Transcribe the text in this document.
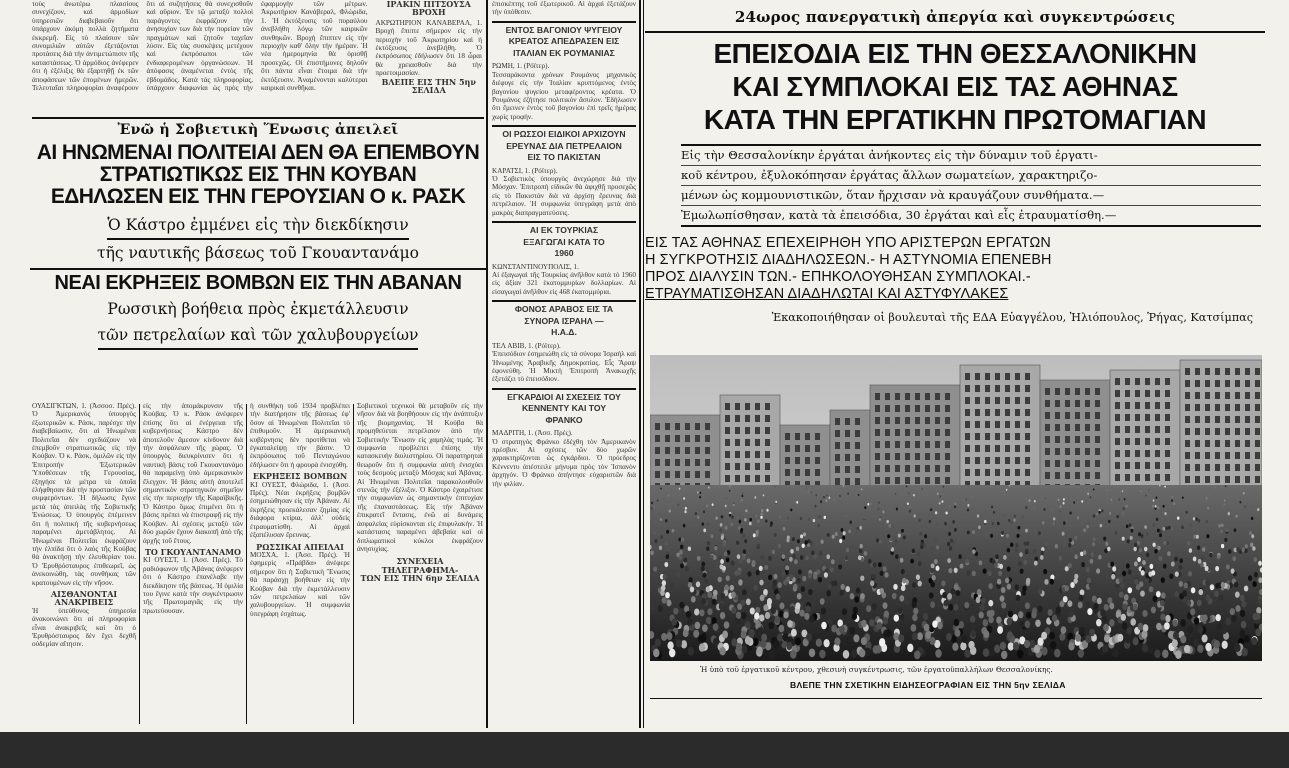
τοὺς ἀνωτέρω πλαισίους συνεχίζουν, καὶ ἀρμοδίων ὑπηρεσιῶν διαβεβαιοῦν ὅτι ὑπάρχουν ἀκόμη πολλὰ ζητήματα ἐκκρεμῆ. Εἰς τὸ πλαίσιον τῶν συνομιλιῶν αὐτῶν ἐξετάζονται προτάσεις διὰ τὴν ἀντιμετώπισιν τῆς καταστάσεως. Ὁ ἀρμόδιος ἀνέφερεν ὅτι ἡ ἐξέλιξις θὰ ἐξαρτηθῇ ἐκ τῶν ἀποφάσεων τῶν ἐπομένων ἡμερῶν. Τελευταῖαι πληροφορίαι ἀναφέρουν ὅτι αἱ συζητήσεις θὰ συνεχισθοῦν καὶ αὔριον. Ἐν τῷ μεταξὺ πολλοὶ παράγοντες ἐκφράζουν τὴν ἀνησυχίαν των διὰ τὴν πορείαν τῶν πραγμάτων καὶ ζητοῦν ταχεῖαν λύσιν. Εἰς τὰς συσκέψεις μετέχουν καὶ ἐκπρόσωποι τῶν ἐνδιαφερομένων ὀργανώσεων. Ἡ ἀπόφασις ἀναμένεται ἐντὸς τῆς ἑβδομάδος. Κατὰ τὰς πληροφορίας, ὑπάρχουν διαφωνίαι ὡς πρὸς τὴν ἐφαρμογὴν τῶν μέτρων. Ἀκρωτήριον Κανάβεραλ, Φλώριδα, 1. Ἡ ἐκτόξευσις τοῦ πυραύλου ἀνεβλήθη λόγῳ τῶν καιρικῶν συνθηκῶν. Βροχὴ ἔπιπτεν εἰς τὴν περιοχὴν καθ' ὅλην τὴν ἡμέραν. Ἡ νέα ἡμερομηνία θὰ ὁρισθῇ προσεχῶς. Οἱ ἐπιστήμονες δηλοῦν ὅτι πάντα εἶναι ἕτοιμα διὰ τὴν ἐκτόξευσιν. Ἀναμένονται καλύτεραι καιρικαὶ συνθῆκαι.
ΙΡΑΚΙΝ ΠΙΤΣΟΥΣΑ ΒΡΟΧΗ
ΑΚΡΩΤΗΡΙΟΝ ΚΑΝΑΒΕΡΑΛ, 1. Βροχὴ ἔπιπτε σήμερον εἰς τὴν περιοχὴν τοῦ Ἀκρωτηρίου καὶ ἡ ἐκτόξευσις ἀνεβλήθη. Ὁ ἐκπρόσωπος ἐδήλωσεν ὅτι 18 ὧραι θὰ χρειασθοῦν διὰ τὴν προετοιμασίαν.
ΒΛΕΠΕ ΕΙΣ ΤΗΝ 5ην ΣΕΛΙΔΑ
Ἐνῶ ἡ Σοβιετικὴ Ἕνωσις ἀπειλεῖ
ΑΙ ΗΝΩΜΕΝΑΙ ΠΟΛΙΤΕΙΑΙ ΔΕΝ ΘΑ ΕΠΕΜΒΟΥΝ
ΣΤΡΑΤΙΩΤΙΚΩΣ ΕΙΣ ΤΗΝ ΚΟΥΒΑΝ
ΕΔΗΛΩΣΕΝ ΕΙΣ ΤΗΝ ΓΕΡΟΥΣΙΑΝ Ο κ. ΡΑΣΚ
Ὁ Κάστρο ἐμμένει εἰς τὴν διεκδίκησιν
τῆς ναυτικῆς βάσεως τοῦ Γκουαντανάμο
ΝΕΑΙ ΕΚΡΗΞΕΙΣ ΒΟΜΒΩΝ ΕΙΣ ΤΗΝ ΑΒΑΝΑΝ
Ρωσσικὴ βοήθεια πρὸς ἐκμετάλλευσιν
τῶν πετρελαίων καὶ τῶν χαλυβουργείων
ΟΥΑΣΙΓΚΤΩΝ, 1. (Ἀσσοσ. Πρές). Ὁ Ἀμερικανὸς ὑπουργὸς ἐξωτερικῶν κ. Ράσκ, παρέσχε τὴν διαβεβαίωσιν, ὅτι αἱ Ἡνωμέναι Πολιτεῖαι δὲν σχεδιάζουν νὰ ἐπεμβοῦν στρατιωτικῶς εἰς τὴν Κούβαν. Ὁ κ. Ράσκ, ὁμιλῶν εἰς τὴν Ἐπιτροπὴν Ἐξωτερικῶν Ὑποθέσεων τῆς Γερουσίας, ἐξηγήσε τὰ μέτρα τὰ ὁποῖα ἐλήφθησαν διὰ τὴν προστασίαν τῶν συμφερόντων. Ἡ δήλωσις ἔγινε μετὰ τὰς ἀπειλὰς τῆς Σοβιετικῆς Ἑνώσεως. Ὁ ὑπουργὸς ἐπέμεινεν ὅτι ἡ πολιτικὴ τῆς κυβερνήσεως παραμένει ἀμετάβλητος. Αἱ Ἡνωμέναι Πολιτεῖαι ἐκφράζουν τὴν ἐλπίδα ὅτι ὁ λαὸς τῆς Κούβας θὰ ἀνακτήσῃ τὴν ἐλευθερίαν του. Ὁ Ἐρυθρόσταυρος ἐπιθεωρεῖ, ὡς ἀνεκοινώθη, τὰς συνθήκας τῶν κρατουμένων εἰς τὴν νῆσον.
ΑΙΣΘΑΝΟΝΤΑΙ ΑΝΑΚΡΙΒΕΙΣ
Ἡ ὑπεύθυνος ὑπηρεσία ἀνακοινώνει ὅτι αἱ πληροφορίαι εἶναι ἀνακριβεῖς καὶ ὅτι ὁ Ἐρυθρόσταυρος δὲν ἔχει δεχθῆ οὐδεμίαν αἴτησιν.
εἰς τὴν ἀπομάκρυνσιν τῆς Κούβας. Ὁ κ. Ράσκ ἀνέφερεν ἐπίσης ὅτι αἱ ἐνέργειαι τῆς κυβερνήσεως Κάστρο δὲν ἀποτελοῦν ἄμεσον κίνδυνον διὰ τὴν ἀσφάλειαν τῆς χώρας. Ὁ ὑπουργὸς διευκρίνισεν ὅτι ἡ ναυτικὴ βάσις τοῦ Γκουαντανάμο θὰ παραμείνῃ ὑπὸ ἀμερικανικὸν ἔλεγχον. Ἡ βάσις αὐτὴ ἀποτελεῖ σημαντικὸν στρατηγικὸν σημεῖον εἰς τὴν περιοχὴν τῆς Καραϊβικῆς. Ὁ Κάστρο ὅμως ἐπιμένει ὅτι ἡ βάσις πρέπει νὰ ἐπιστραφῇ εἰς τὴν Κούβαν. Αἱ σχέσεις μεταξὺ τῶν δύο χωρῶν ἔχουν διακοπῆ ἀπὸ τῆς ἀρχῆς τοῦ ἔτους.
ΤΟ ΓΚΟΥΑΝΤΑΝΑΜΟ
ΚΙ ΟΥΕΣΤ, 1. (Ἀσσ. Πρές). Τὸ ραδιόφωνον τῆς Ἀβάνας ἀνέφερεν ὅτι ὁ Κάστρο ἐπανέλαβε τὴν διεκδίκησιν τῆς βάσεως. Ἡ ὁμιλία του ἔγινε κατὰ τὴν συγκέντρωσιν τῆς Πρωτομαγιᾶς εἰς τὴν πρωτεύουσαν.
ἡ συνθήκη τοῦ 1934 προβλέπει τὴν διατήρησιν τῆς βάσεως ἐφ' ὅσον αἱ Ἡνωμέναι Πολιτεῖαι τὸ ἐπιθυμοῦν. Ἡ ἀμερικανικὴ κυβέρνησις δὲν προτίθεται νὰ ἐγκαταλείψῃ τὴν βάσιν. Ὁ ἐκπρόσωπος τοῦ Πενταγώνου ἐδήλωσεν ὅτι ἡ φρουρὰ ἐνισχύθη.
ΕΚΡΗΞΕΙΣ ΒΟΜΒΩΝ
ΚΙ ΟΥΕΣΤ, Φλώριδα, 1. (Ἀσσ. Πρές). Νέαι ἐκρήξεις βομβῶν ἐσημειώθησαν εἰς τὴν Ἀβάναν. Αἱ ἐκρήξεις προεκάλεσαν ζημίας εἰς διάφορα κτίρια, ἀλλ' οὐδεὶς ἐτραυματίσθη. Αἱ ἀρχαὶ ἐξαπέλυσαν ἔρευνας.
ΡΩΣΣΙΚΑΙ ΑΠΕΙΛΑΙ
ΜΟΣΧΑ, 1. (Ἀσσ. Πρές). Ἡ ἐφημερὶς «Πράβδα» ἀνέφερε σήμερον ὅτι ἡ Σοβιετικὴ Ἕνωσις θὰ παράσχῃ βοήθειαν εἰς τὴν Κούβαν διὰ τὴν ἐκμετάλλευσιν τῶν πετρελαίων καὶ τῶν χαλυβουργείων. Ἡ συμφωνία ὑπεγράφη ἐσχάτως.
Σοβιετικοὶ τεχνικοὶ θὰ μεταβοῦν εἰς τὴν νῆσον διὰ νὰ βοηθήσουν εἰς τὴν ἀνάπτυξιν τῆς βιομηχανίας. Ἡ Κούβα θὰ προμηθεύεται πετρέλαιον ἀπὸ τὴν Σοβιετικὴν Ἕνωσιν εἰς χαμηλὰς τιμάς. Ἡ συμφωνία προβλέπει ἐπίσης τὴν κατασκευὴν διυλιστηρίου. Οἱ παρατηρηταὶ θεωροῦν ὅτι ἡ συμφωνία αὐτὴ ἐνισχύει τοὺς δεσμοὺς μεταξὺ Μόσχας καὶ Ἀβάνας. Αἱ Ἡνωμέναι Πολιτεῖαι παρακολουθοῦν στενῶς τὴν ἐξέλιξιν. Ὁ Κάστρο ἐχαιρέτισε τὴν συμφωνίαν ὡς σημαντικὴν ἐπιτυχίαν τῆς ἐπαναστάσεως. Εἰς τὴν Ἀβάναν ἐπικρατεῖ ἔντασις, ἐνῶ αἱ δυνάμεις ἀσφαλείας εὑρίσκονται εἰς ἐπιφυλακήν. Ἡ κατάστασις παραμένει ἀβεβαία καὶ οἱ διπλωματικοὶ κύκλοι ἐκφράζουν ἀνησυχίας.
ΣΥΝΕΧΕΙΑ ΤΗΛΕΓΡΑΦΗΜΑ-
ΤΩΝ ΕΙΣ ΤΗΝ 6ην ΣΕΛΙΔΑ
ἐπισκέπτης τοῦ ἐξωτερικοῦ. Αἱ ἀρχαὶ ἐξετάζουν τὴν ὑπόθεσιν.
ΕΝΤΟΣ ΒΑΓΟΝΙΟΥ ΨΥΓΕΙΟΥ ΚΡΕΑΤΟΣ ΑΠΕΔΡΑΣΕΝ ΕΙΣ ΙΤΑΛΙΑΝ ΕΚ ΡΟΥΜΑΝΙΑΣ
ΡΩΜΗ, 1. (Ρόϊτερ).
Τεσσαράκοντα χρόνων Ρουμάνος μηχανικὸς διέφυγε εἰς τὴν Ἰταλίαν κρυπτόμενος ἐντὸς βαγονίου ψυγείου μεταφέροντος κρέατα. Ὁ Ρουμάνος ἐζήτησε πολιτικὸν ἄσυλον. Ἐδήλωσεν ὅτι ἔμεινεν ἐντὸς τοῦ βαγονίου ἐπὶ τρεῖς ἡμέρας χωρὶς τροφήν.
ΟΙ ΡΩΣΣΟΙ ΕΙΔΙΚΟΙ ΑΡΧΙΖΟΥΝ ΕΡΕΥΝΑΣ ΔΙΑ ΠΕΤΡΕΛΑΙΟΝ ΕΙΣ ΤΟ ΠΑΚΙΣΤΑΝ
ΚΑΡΑΤΣΙ, 1. (Ρόϊτερ).
Ὁ Σοβιετικὸς ὑπουργὸς ἀνεχώρησε διὰ τὴν Μόσχαν. Ἐπιτροπὴ εἰδικῶν θὰ ἀφιχθῇ προσεχῶς εἰς τὸ Πακιστὰν διὰ νὰ ἀρχίσῃ ἔρευνας διὰ πετρέλαιον. Ἡ συμφωνία ὑπεγράφη μετὰ ἀπὸ μακρὰς διαπραγματεύσεις.
ΑΙ ΕΚ ΤΟΥΡΚΙΑΣ ΕΞΑΓΩΓΑΙ ΚΑΤΑ ΤΟ 1960
ΚΩΝΣΤΑΝΤΙΝΟΥΠΟΛΙΣ, 1.
Αἱ ἐξαγωγαὶ τῆς Τουρκίας ἀνῆλθον κατὰ τὸ 1960 εἰς ἀξίαν 321 ἑκατομμυρίων δολλαρίων. Αἱ εἰσαγωγαὶ ἀνῆλθον εἰς 468 ἑκατομμύρια.
ΦΟΝΟΣ ΑΡΑΒΟΣ ΕΙΣ ΤΑ ΣΥΝΟΡΑ ΙΣΡΑΗΛ — Η.Α.Δ.
ΤΕΛ ΑΒΙΒ, 1. (Ρόϊτερ).
Ἐπεισόδιον ἐσημειώθη εἰς τὰ σύνορα Ἰσραὴλ καὶ Ἡνωμένης Ἀραβικῆς Δημοκρατίας. Εἷς Ἄραψ ἐφονεύθη. Ἡ Μικτὴ Ἐπιτροπὴ Ἀνακωχῆς ἐξετάζει τὸ ἐπεισόδιον.
ΕΓΚΑΡΔΙΟΙ ΑΙ ΣΧΕΣΕΙΣ ΤΟΥ ΚΕΝΝΕΝΤΥ ΚΑΙ ΤΟΥ ΦΡΑΝΚΟ
ΜΑΔΡΙΤΗ, 1. (Ἀσσ. Πρές).
Ὁ στρατηγὸς Φράνκο ἐδέχθη τὸν Ἀμερικανὸν πρέσβυν. Αἱ σχέσεις τῶν δύο χωρῶν χαρακτηρίζονται ὡς ἐγκάρδιοι. Ὁ πρόεδρος Κέννεντυ ἀπέστειλε μήνυμα πρὸς τὸν Ἱσπανὸν ἀρχηγόν. Ὁ Φράνκο ἀπήντησε εὐχαριστῶν διὰ τὴν φιλίαν.
24ωρος πανεργατικὴ ἀπεργία καὶ συγκεντρώσεις
ΕΠΕΙΣΟΔΙΑ ΕΙΣ ΤΗΝ ΘΕΣΣΑΛΟΝΙΚΗΝ
ΚΑΙ ΣΥΜΠΛΟΚΑΙ ΕΙΣ ΤΑΣ ΑΘΗΝΑΣ
ΚΑΤΑ ΤΗΝ ΕΡΓΑΤΙΚΗΝ ΠΡΩΤΟΜΑΓΙΑΝ
Εἰς τὴν Θεσσαλονίκην ἐργάται ἀνήκοντες εἰς τὴν δύναμιν τοῦ ἐργατι-
κοῦ κέντρου, ἐξυλοκόπησαν ἐργάτας ἄλλων σωματείων, χαρακτηριζο-
μένων ὡς κομμουνιστικῶν, ὅταν ἤρχισαν νὰ κραυγάζουν συνθήματα.—
Ἐμωλωπίσθησαν, κατὰ τὰ ἐπεισόδια, 30 ἐργάται καὶ εἷς ἐτραυματίσθη.—
ΕΙΣ ΤΑΣ ΑΘΗΝΑΣ ΕΠΕΧΕΙΡΗΘΗ ΥΠΟ ΑΡΙΣΤΕΡΩΝ ΕΡΓΑΤΩΝ
Η ΣΥΓΚΡΟΤΗΣΙΣ ΔΙΑΔΗΛΩΣΕΩΝ.- Η ΑΣΤΥΝΟΜΙΑ ΕΠΕΝΕΒΗ
ΠΡΟΣ ΔΙΑΛΥΣΙΝ ΤΩΝ.- ΕΠΗΚΟΛΟΥΘΗΣΑΝ ΣΥΜΠΛΟΚΑΙ.-
ΕΤΡΑΥΜΑΤΙΣΘΗΣΑΝ ΔΙΑΔΗΛΩΤΑΙ ΚΑΙ ΑΣΤΥΦΥΛΑΚΕΣ
Ἐκακοποιήθησαν οἱ βουλευταὶ τῆς ΕΔΑ Εὐαγγέλου, Ἠλιόπουλος, Ῥήγας, Κατσίμπας
Ἡ ὑπὸ τοῦ ἐργατικοῦ κέντρου, χθεσινὴ συγκέντρωσις, τῶν ἐργατοϋπαλλήλων Θεσσαλονίκης.
ΒΛΕΠΕ ΤΗΝ ΣΧΕΤΙΚΗΝ ΕΙΔΗΣΕΟΓΡΑΦΙΑΝ ΕΙΣ ΤΗΝ 5ην ΣΕΛΙΔΑ
